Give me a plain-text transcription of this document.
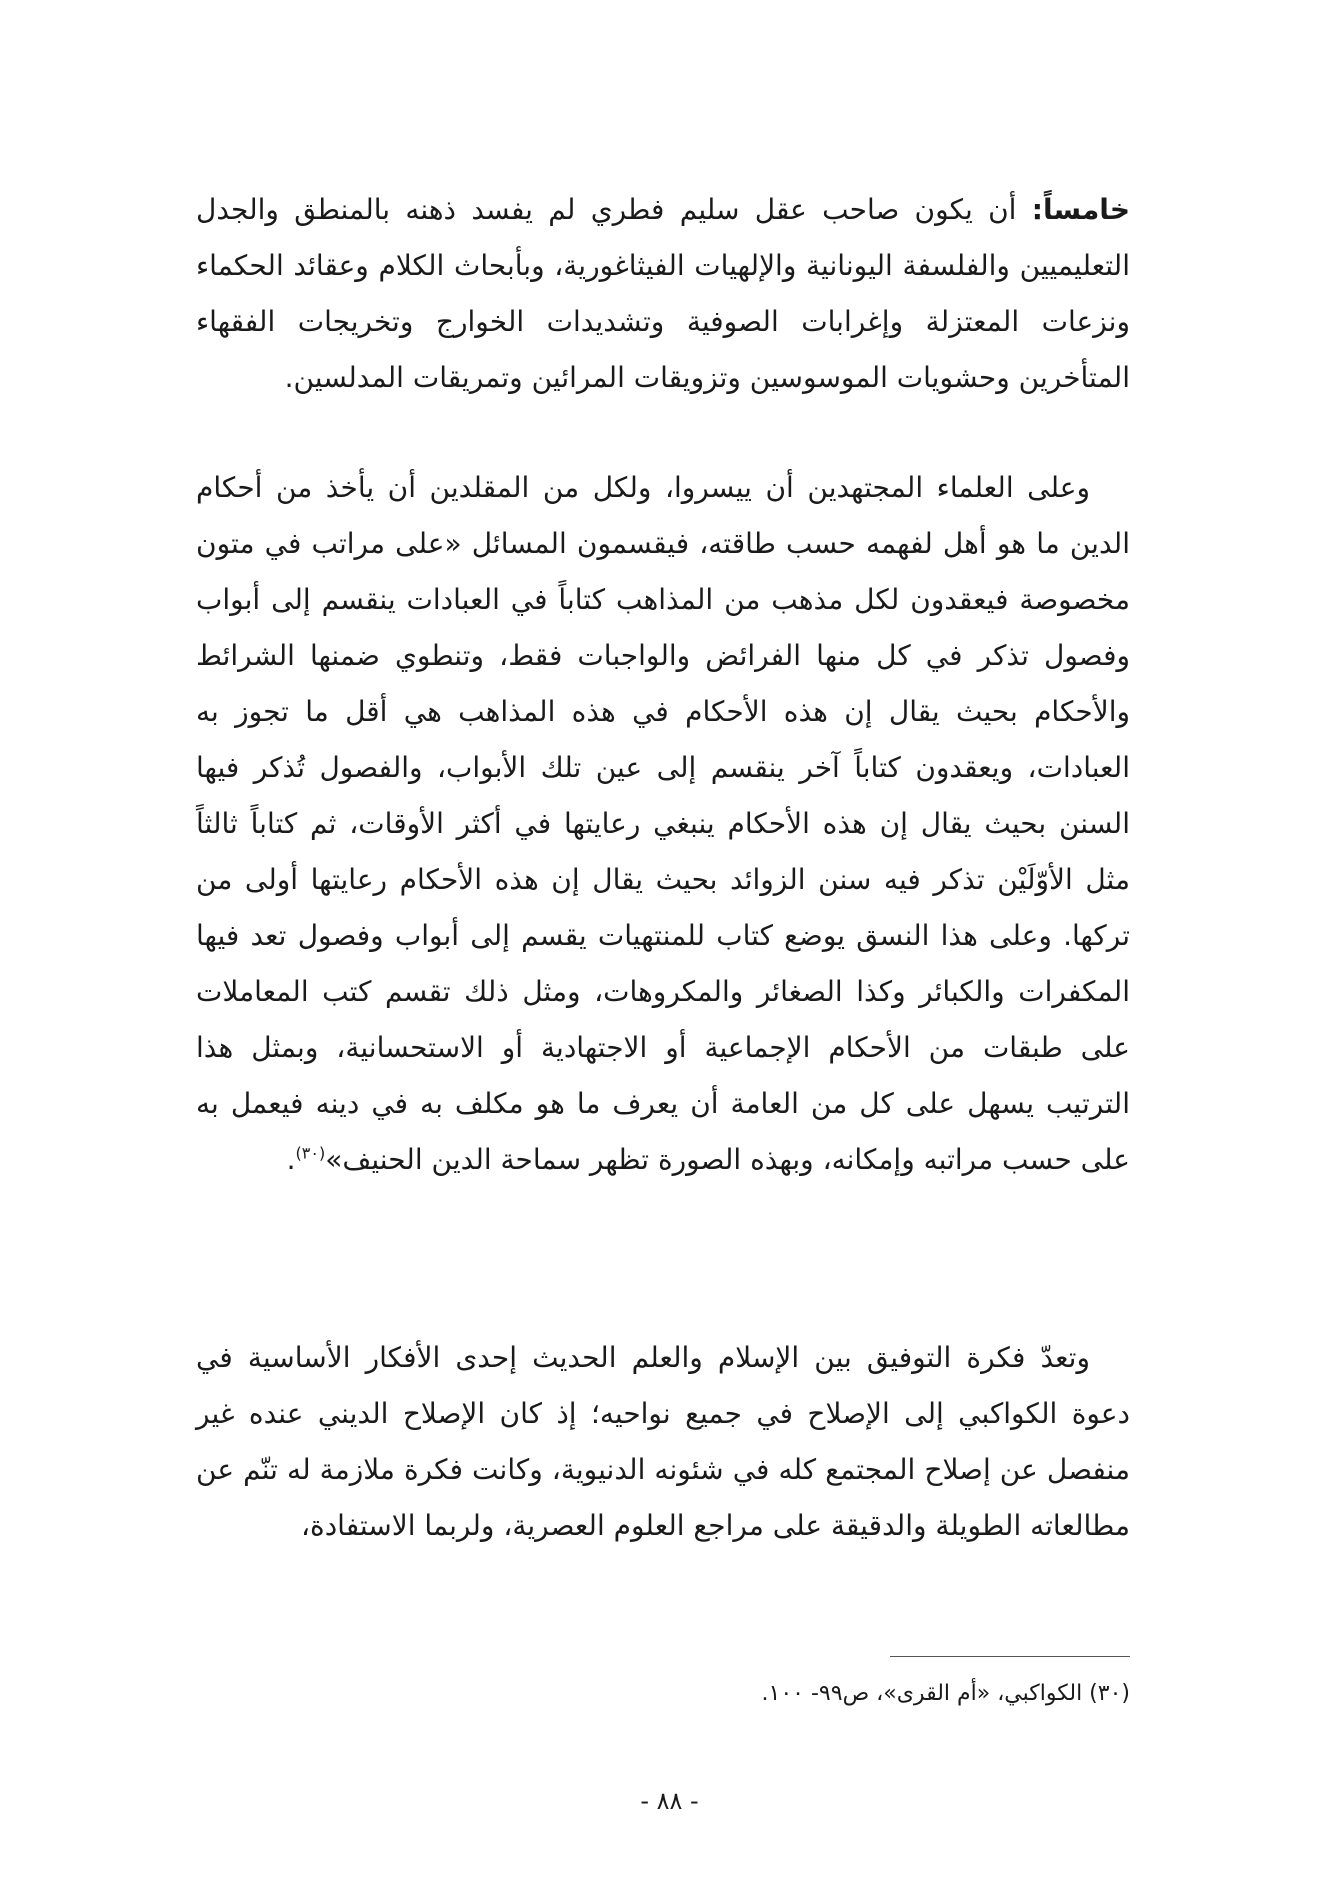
خامساً: أن يكون صاحب عقل سليم فطري لم يفسد ذهنه بالمنطق والجدل التعليميين والفلسفة اليونانية والإلهيات الفيثاغورية، وبأبحاث الكلام وعقائد الحكماء ونزعات المعتزلة وإغرابات الصوفية وتشديدات الخوارج وتخريجات الفقهاء المتأخرين وحشويات الموسوسين وتزويقات المرائين وتمريقات المدلسين.

وعلى العلماء المجتهدين أن ييسروا، ولكل من المقلدين أن يأخذ من أحكام الدين ما هو أهل لفهمه حسب طاقته، فيقسمون المسائل «على مراتب في متون مخصوصة فيعقدون لكل مذهب من المذاهب كتاباً في العبادات ينقسم إلى أبواب وفصول تذكر في كل منها الفرائض والواجبات فقط، وتنطوي ضمنها الشرائط والأحكام بحيث يقال إن هذه الأحكام في هذه المذاهب هي أقل ما تجوز به العبادات، ويعقدون كتاباً آخر ينقسم إلى عين تلك الأبواب، والفصول تُذكر فيها السنن بحيث يقال إن هذه الأحكام ينبغي رعايتها في أكثر الأوقات، ثم كتاباً ثالثاً مثل الأوّلَيْن تذكر فيه سنن الزوائد بحيث يقال إن هذه الأحكام رعايتها أولى من تركها. وعلى هذا النسق يوضع كتاب للمنتهيات يقسم إلى أبواب وفصول تعد فيها المكفرات والكبائر وكذا الصغائر والمكروهات، ومثل ذلك تقسم كتب المعاملات على طبقات من الأحكام الإجماعية أو الاجتهادية أو الاستحسانية، وبمثل هذا الترتيب يسهل على كل من العامة أن يعرف ما هو مكلف به في دينه فيعمل به على حسب مراتبه وإمكانه، وبهذه الصورة تظهر سماحة الدين الحنيف»$^{(٣٠)}$.

وتعدّ فكرة التوفيق بين الإسلام والعلم الحديث إحدى الأفكار الأساسية في دعوة الكواكبي إلى الإصلاح في جميع نواحيه؛ إذ كان الإصلاح الديني عنده غير منفصل عن إصلاح المجتمع كله في شئونه الدنيوية، وكانت فكرة ملازمة له تنّم عن مطالعاته الطويلة والدقيقة على مراجع العلوم العصرية، ولربما الاستفادة،

(٣٠) الكواكبي، «أم القرى»، ص٩٩- ١٠٠.

- ٨٨ -
